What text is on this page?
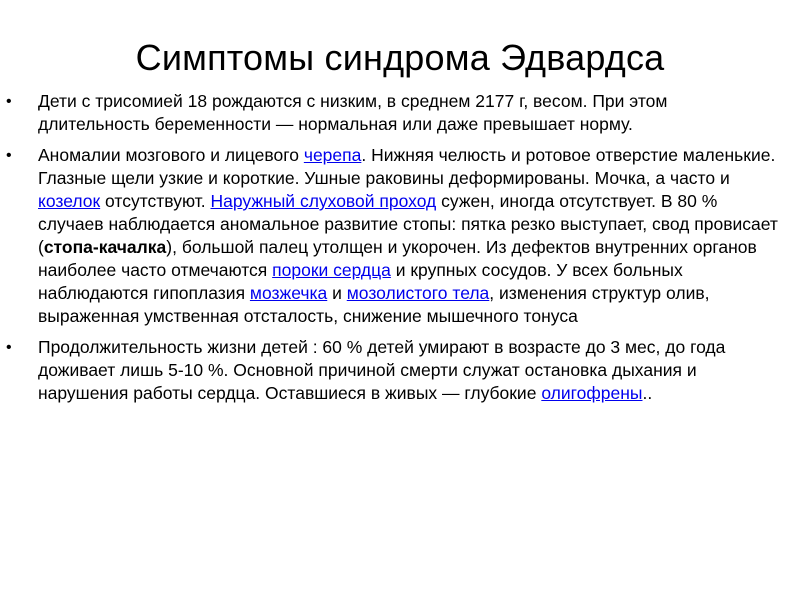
Симптомы синдрома Эдвардса
• Дети с трисомией 18 рождаются с низким, в среднем 2177 г, весом. При этом длительность беременности — нормальная или даже превышает норму.
• Аномалии мозгового и лицевого черепа. Нижняя челюсть и ротовое отверстие маленькие. Глазные щели узкие и короткие. Ушные раковины деформированы. Мочка, а часто и козелок отсутствуют. Наружный слуховой проход сужен, иногда отсутствует. В 80 % случаев наблюдается аномальное развитие стопы: пятка резко выступает, свод провисает (стопа-качалка), большой палец утолщен и укорочен. Из дефектов внутренних органов наиболее часто отмечаются пороки сердца и крупных сосудов. У всех больных наблюдаются гипоплазия мозжечка и мозолистого тела, изменения структур олив, выраженная умственная отсталость, снижение мышечного тонуса
• Продолжительность жизни детей : 60 % детей умирают в возрасте до 3 мес, до года доживает лишь 5-10 %. Основной причиной смерти служат остановка дыхания и нарушения работы сердца. Оставшиеся в живых — глубокие олигофрены..
